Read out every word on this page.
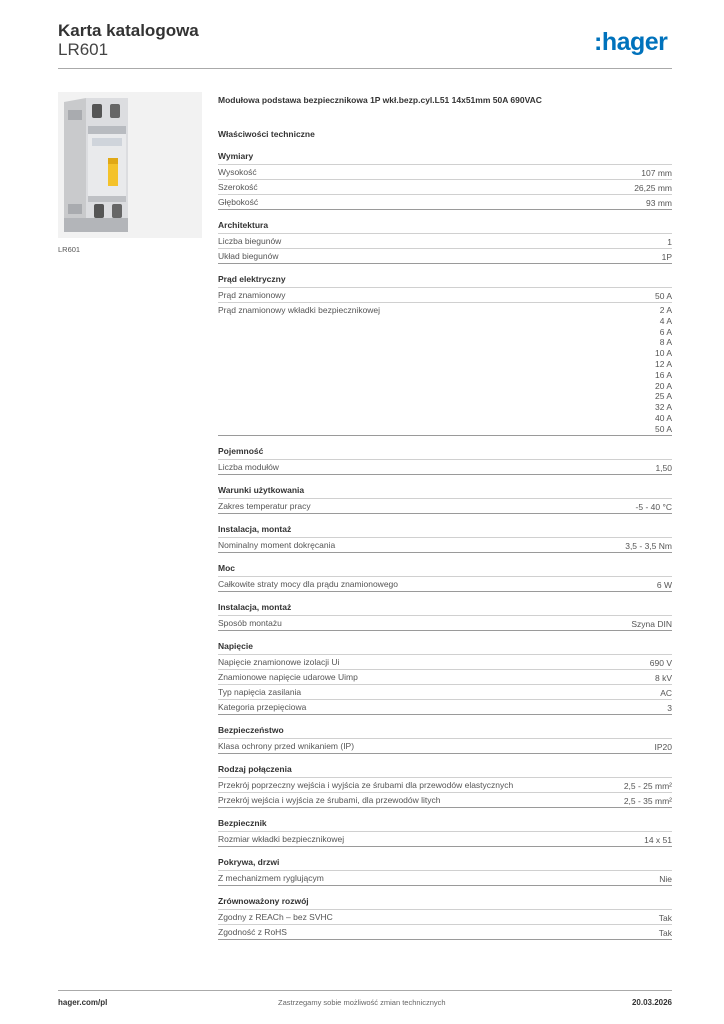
Karta katalogowa
LR601	:hager
LR601
Modułowa podstawa bezpiecznikowa 1P wkł.bezp.cyl.L51 14x51mm 50A 690VAC
Właściwości techniczne
Wymiary
Wysokość	107 mm
Szerokość	26,25 mm
Głębokość	93 mm
Architektura
Liczba biegunów	1
Układ biegunów	1P
Prąd elektryczny
Prąd znamionowy	50 A
Prąd znamionowy wkładki bezpiecznikowej	2 A
4 A
6 A
8 A
10 A
12 A
16 A
20 A
25 A
32 A
40 A
50 A
Pojemność
Liczba modułów	1,50
Warunki użytkowania
Zakres temperatur pracy	-5 - 40 °C
Instalacja, montaż
Nominalny moment dokręcania	3,5 - 3,5 Nm
Moc
Całkowite straty mocy dla prądu znamionowego	6 W
Instalacja, montaż
Sposób montażu	Szyna DIN
Napięcie
Napięcie znamionowe izolacji Ui	690 V
Znamionowe napięcie udarowe Uimp	8 kV
Typ napięcia zasilania	AC
Kategoria przepięciowa	3
Bezpieczeństwo
Klasa ochrony przed wnikaniem (IP)	IP20
Rodzaj połączenia
Przekrój poprzeczny wejścia i wyjścia ze śrubami dla przewodów elastycznych	2,5 - 25 mm²
Przekrój wejścia i wyjścia ze śrubami, dla przewodów litych	2,5 - 35 mm²
Bezpiecznik
Rozmiar wkładki bezpiecznikowej	14 x 51
Pokrywa, drzwi
Z mechanizmem ryglującym	Nie
Zrównoważony rozwój
Zgodny z REACh – bez SVHC	Tak
Zgodność z RoHS	Tak
hager.com/pl	Zastrzegamy sobie możliwość zmian technicznych	20.03.2026
